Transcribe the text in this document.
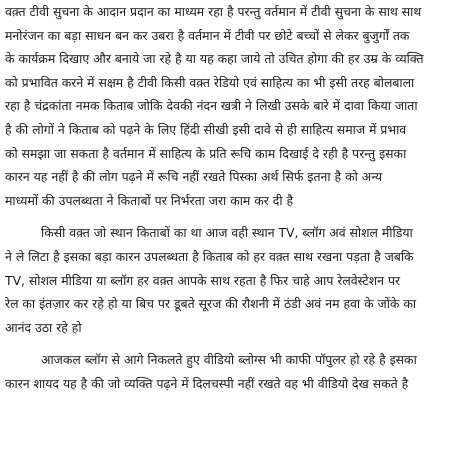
वक़्त टीवी सुचना के आदान प्रदान का माध्यम रहा है परन्तु वर्तमान में टीवी सुचना के साथ साथ
मनोरंजन का बड़ा साधन बन कर उबरा है वर्तमान में टीवी पर छोटे बच्चों से लेकर बुजुर्गों तक
के कार्यक्रम दिखाए और बनाये जा रहे है या यह कहा जाये तो उचित होगा की हर उम्र के व्यक्ति
को प्रभावित करने में सक्षम है टीवी किसी वक़्त रेडियो एवं साहित्य का भी इसी तरह बोलबाला
रहा है चंद्रकांता नमक किताब जोकि देवकी नंदन खत्री ने लिखी उसके बारे में दावा किया जाता
है की लोगों ने किताब को पढ़ने के लिए हिंदी सीखी इसी दावे से ही साहित्य समाज में प्रभाव
को समझा जा सकता है वर्तमान में साहित्य के प्रति रूचि काम दिखाई दे रही है परन्तु इसका
कारन यह नहीं है की लोग पढ़ने में रूचि नहीं रखते पिस्का अर्थ सिर्फ इतना है को अन्य
माध्यमों की उपलब्धता ने किताबों पर निर्भरता जरा काम कर दी है
किसी वक़्त जो स्थान किताबों का था आज वही स्थान TV, ब्लॉग अवं सोशल मीडिया
ने ले लिटा है इसका बड़ा कारन उपलब्धता है किताब को हर वक़्त साथ रखना पड़ता है जबकि
TV, सोशल मीडिया या ब्लॉग हर वक़्त आपके साथ रहता है फिर चाहे आप रेलवेस्टेशन पर
रेल का इंतज़ार कर रहे हो या बिच पर डूबते सूरज की रौशनी में ठंडी अवं नम हवा के जोंके का
आनंद उठा रहे हो
आजकल ब्लॉग से आगे निकलते हुए वीडियो ब्लोग्स भी काफी पॉपुलर हो रहे है इसका
कारन शायद यह है की जो व्यक्ति पढ़ने में दिलचस्पी नहीं रखते वह भी वीडियो देख सकते है
